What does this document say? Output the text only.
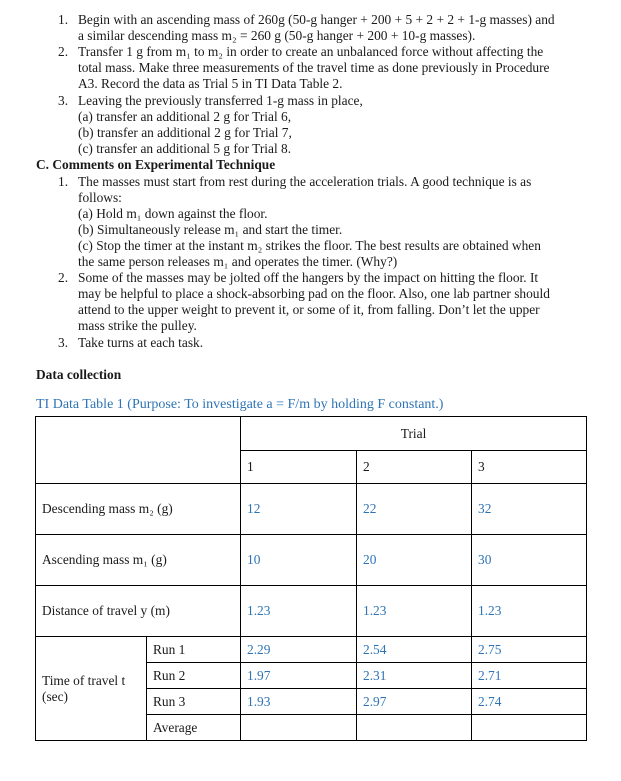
1. Begin with an ascending mass of 260g (50-g hanger + 200 + 5 + 2 + 2 + 1-g masses) and
a similar descending mass m₂ = 260 g (50-g hanger + 200 + 10-g masses).
2. Transfer 1 g from m₁ to m₂ in order to create an unbalanced force without affecting the
total mass. Make three measurements of the travel time as done previously in Procedure
A3. Record the data as Trial 5 in TI Data Table 2.
3. Leaving the previously transferred 1-g mass in place,
(a) transfer an additional 2 g for Trial 6,
(b) transfer an additional 2 g for Trial 7,
(c) transfer an additional 5 g for Trial 8.
C. Comments on Experimental Technique
1. The masses must start from rest during the acceleration trials. A good technique is as
follows:
(a) Hold m₁ down against the floor.
(b) Simultaneously release m₁ and start the timer.
(c) Stop the timer at the instant m₂ strikes the floor. The best results are obtained when
the same person releases m₁ and operates the timer. (Why?)
2. Some of the masses may be jolted off the hangers by the impact on hitting the floor. It
may be helpful to place a shock-absorbing pad on the floor. Also, one lab partner should
attend to the upper weight to prevent it, or some of it, from falling. Don’t let the upper
mass strike the pulley.
3. Take turns at each task.
Data collection
TI Data Table 1 (Purpose: To investigate a = F/m by holding F constant.)
		Trial		
		1	2	3
Descending mass m₂ (g)		12	22	32
Ascending mass m₁ (g)		10	20	30
Distance of travel y (m)		1.23	1.23	1.23
Time of travel t (sec)	Run 1	2.29	2.54	2.75
	Run 2	1.97	2.31	2.71
	Run 3	1.93	2.97	2.74
	Average			
